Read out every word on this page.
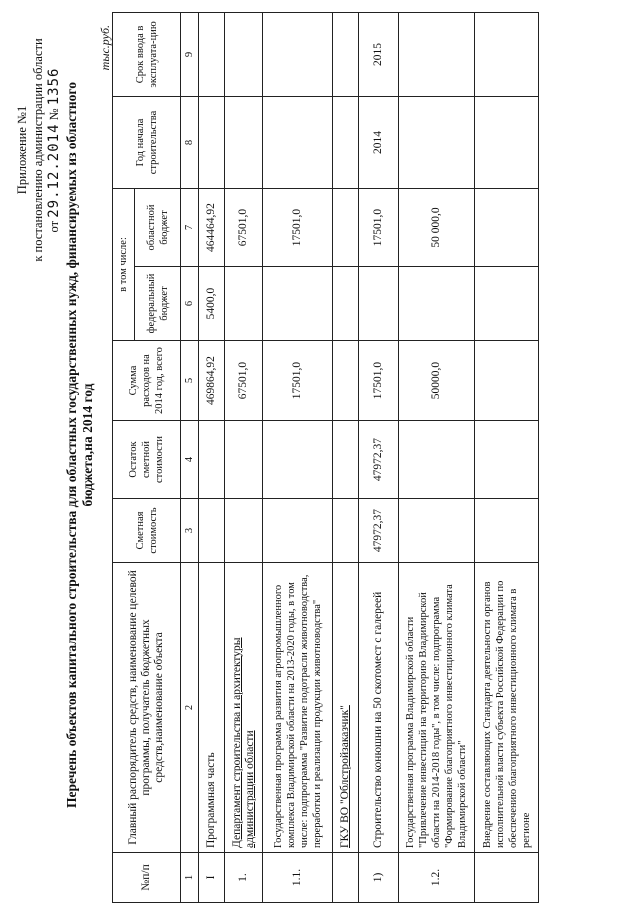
Приложение №1 к постановлению администрации области от 29.12.2014 № 1356 Перечень объектов капитального строительства для областных государственных нужд, финансируемых из областного бюджета,на 2014 год
тыс.руб.
№п/п	Главный распорядитель средств, наименование целевой программы, получатель бюджетных средств,наименование объекта	Сметная стоимость	Остаток сметной стоимости	Сумма расходов на 2014 год, всего	в том числе:		Год начала строительства	Срок ввода в эксплуата-цию
					федеральный бюджет	областной бюджет		
1	2	3	4	5	6	7	8	9
I	Программная часть			469864,92	5400,0	464464,92		
1.	Департамент строительства и архитектуры администрации области			67501,0		67501,0		
1.1.	Государственная программа развития агропромышленного комплекса Владимирской области на 2013-2020 годы, в том числе: подпрограмма "Развитие подотрасли животноводства, переработки и реализации продукции животноводства"			17501,0		17501,0		
	ГКУ ВО "Облстройзаказчик"							
1)	Строительство конюшни на 50 скотомест с галереей	47972,37	47972,37	17501,0		17501,0	2014	2015
1.2.	Государственная программа Владимирской области "Привлечение инвестиций на территорию Владимирской области на 2014-2018 годы", в том числе: подпрограмма "Формирование благоприятного инвестиционного климата Владимирской области"			50000,0		50 000,0		
	Внедрение составляющих Стандарта деятельности органов исполнительной власти субъекта Российской Федерации по обеспечению благоприятного инвестиционного климата в регионе							
